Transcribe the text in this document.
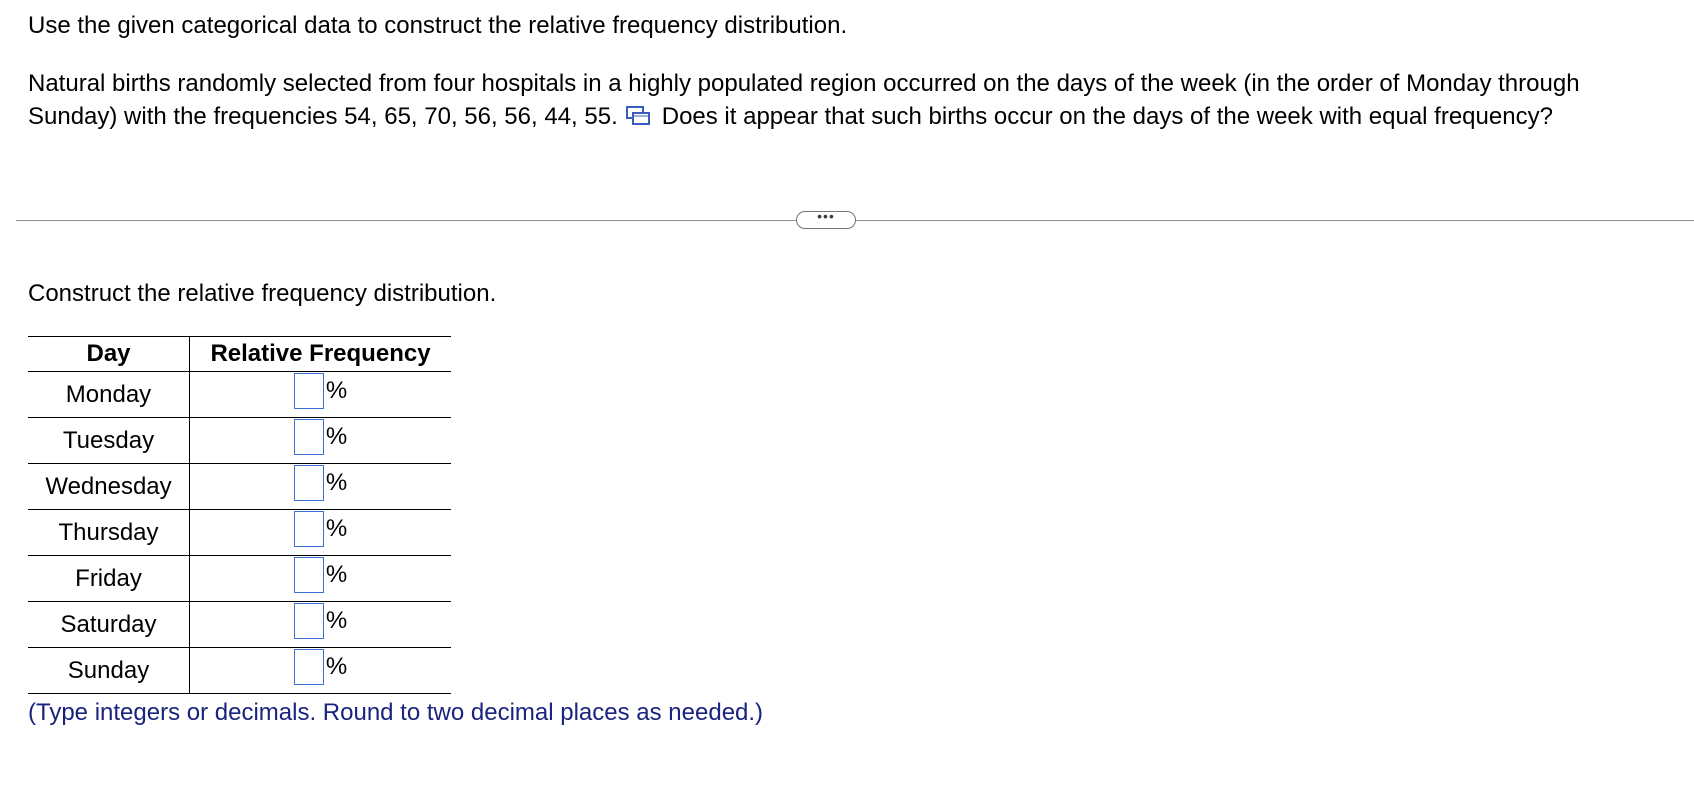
Use the given categorical data to construct the relative frequency distribution.

Natural births randomly selected from four hospitals in a highly populated region occurred on the days of the week (in the order of Monday through Sunday) with the frequencies 54, 65, 70, 56, 56, 44, 55. Does it appear that such births occur on the days of the week with equal frequency?

•••

Construct the relative frequency distribution.

Day	Relative Frequency
Monday	%

Tuesday	%

Wednesday	%

Thursday	%

Friday	%

Saturday	%

Sunday	%

(Type integers or decimals. Round to two decimal places as needed.)
